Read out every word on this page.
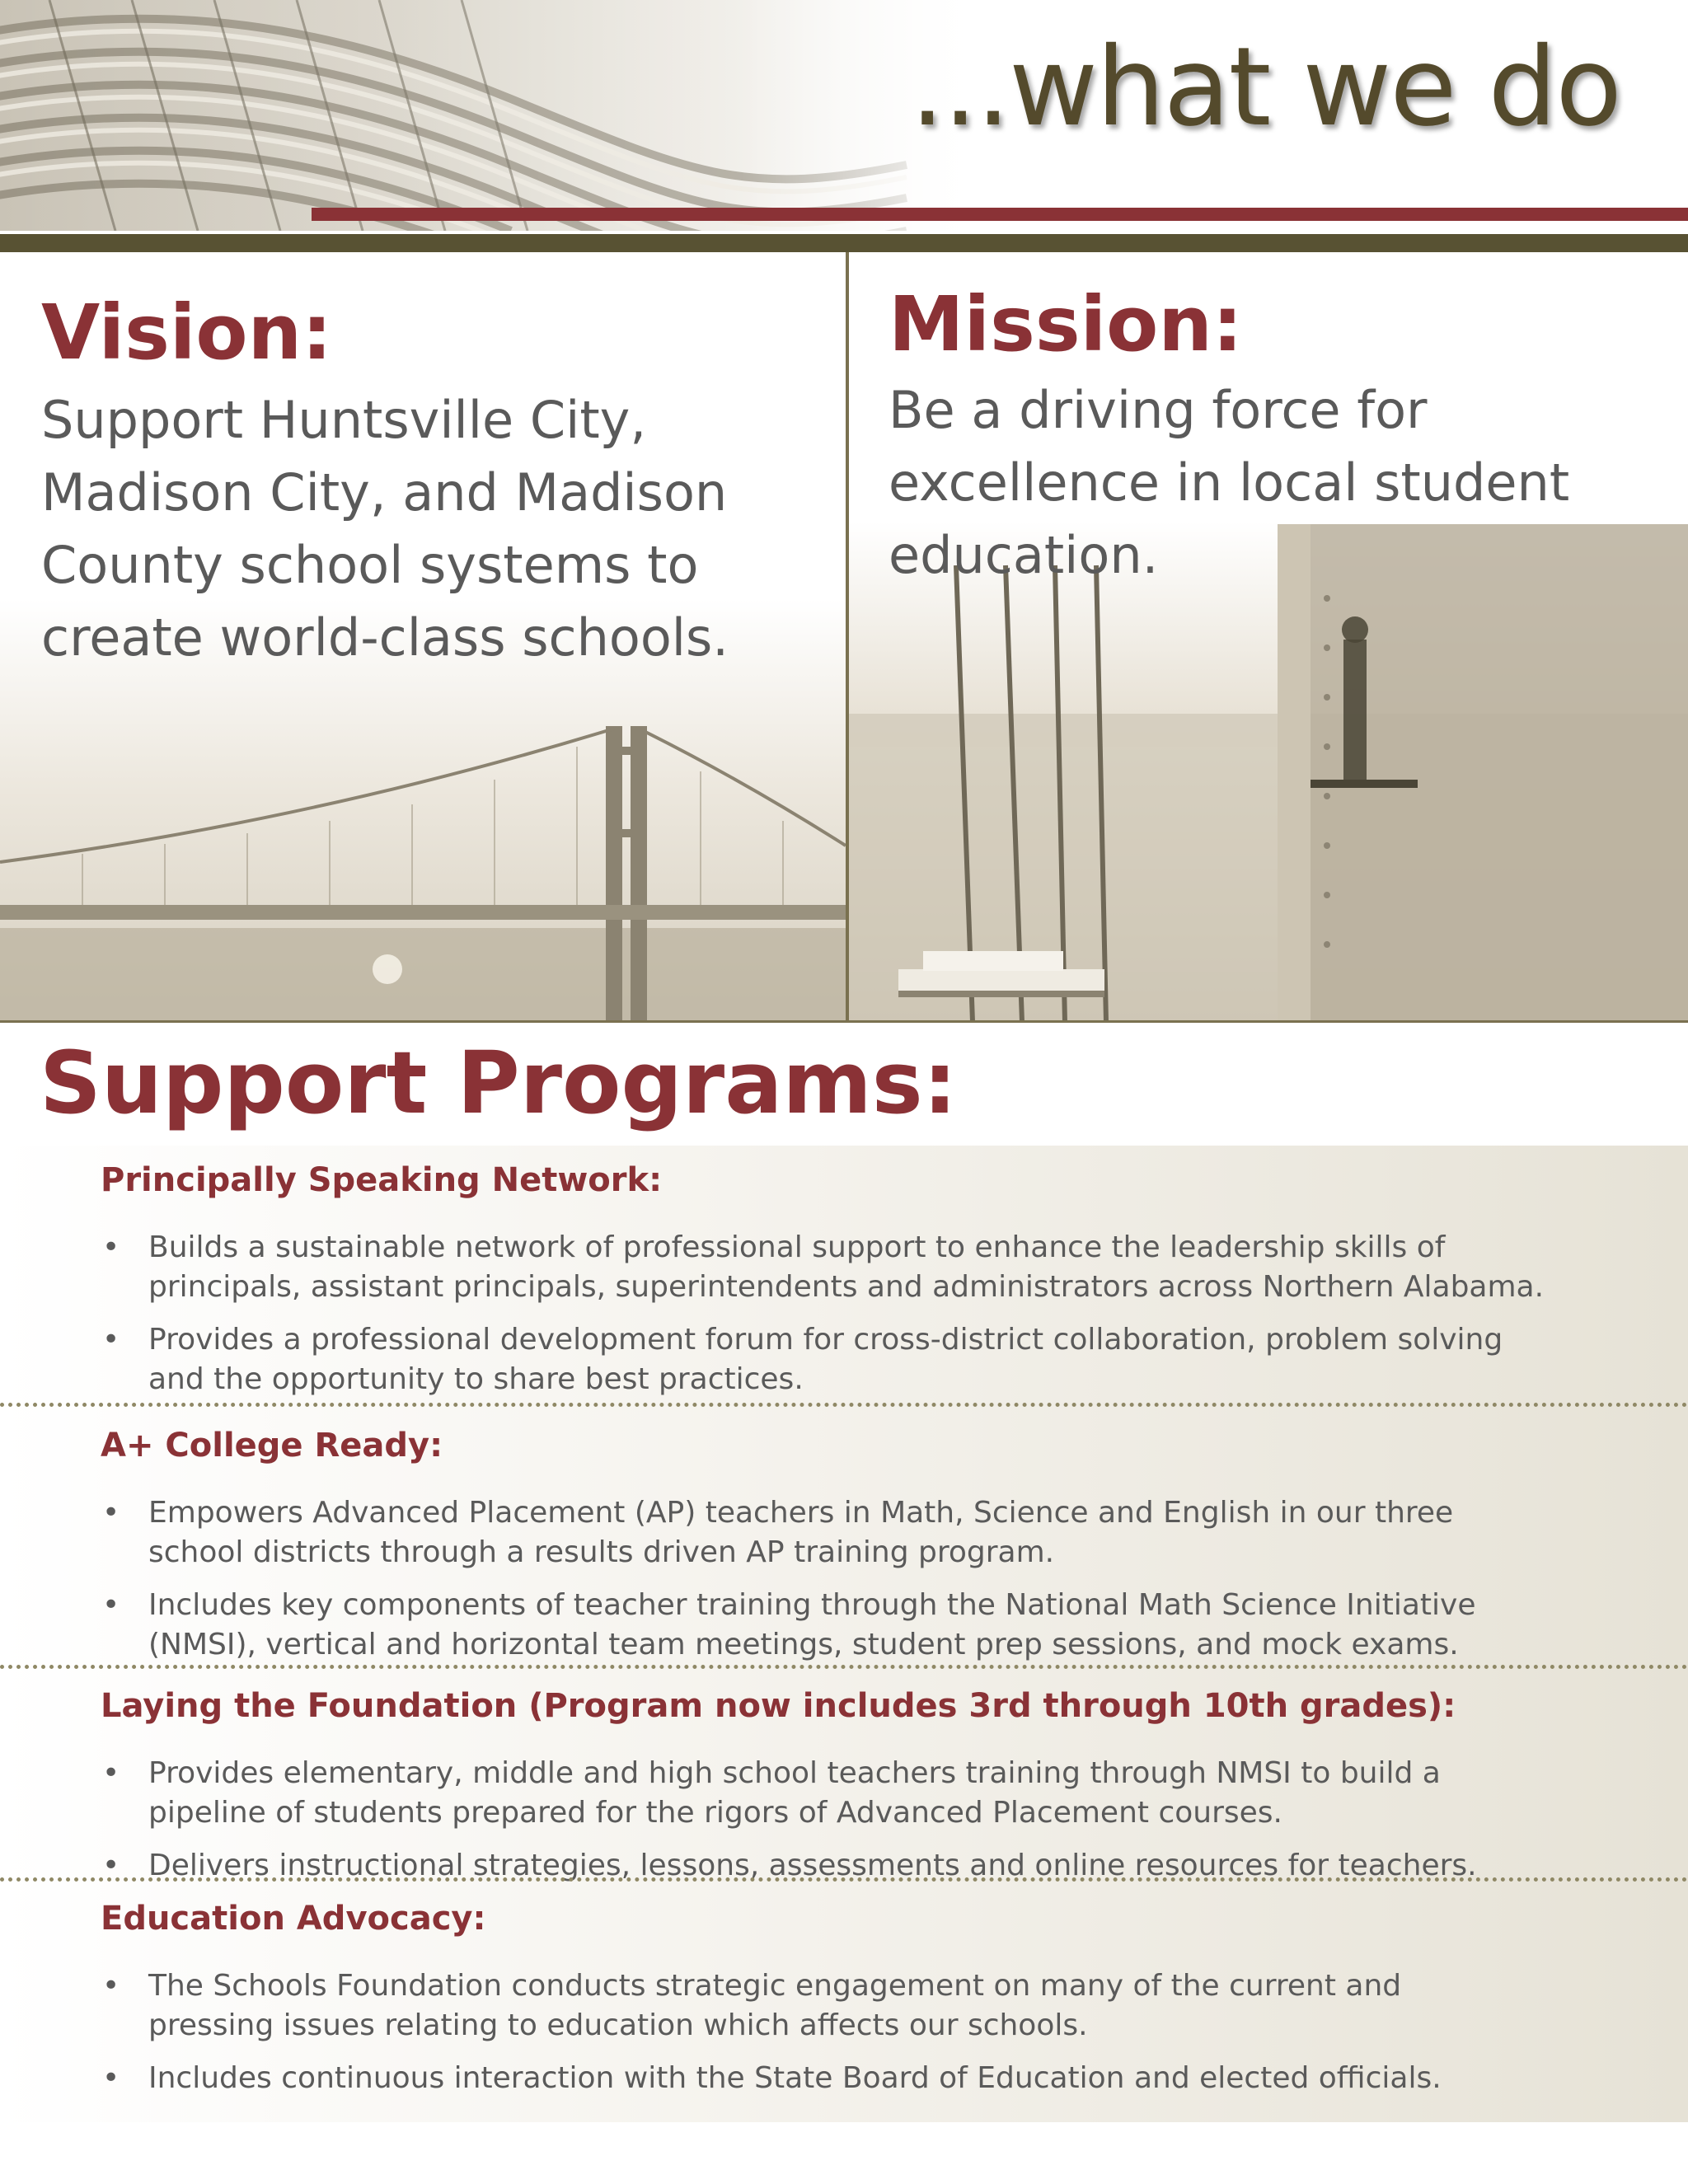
...what we do
Vision:
Support Huntsville City,
Madison City, and Madison
County school systems to
create world-class schools.
Mission:
Be a driving force for
excellence in local student
education.
Support Programs:
Principally Speaking Network:
• Builds a sustainable network of professional support to enhance the leadership skills of
principals, assistant principals, superintendents and administrators across Northern Alabama.
• Provides a professional development forum for cross-district collaboration, problem solving
and the opportunity to share best practices.
A+ College Ready:
• Empowers Advanced Placement (AP) teachers in Math, Science and English in our three
school districts through a results driven AP training program.
• Includes key components of teacher training through the National Math Science Initiative
(NMSI), vertical and horizontal team meetings, student prep sessions, and mock exams.
Laying the Foundation (Program now includes 3rd through 10th grades):
• Provides elementary, middle and high school teachers training through NMSI to build a
pipeline of students prepared for the rigors of Advanced Placement courses.
• Delivers instructional strategies, lessons, assessments and online resources for teachers.
Education Advocacy:
• The Schools Foundation conducts strategic engagement on many of the current and
pressing issues relating to education which affects our schools.
• Includes continuous interaction with the State Board of Education and elected officials.
